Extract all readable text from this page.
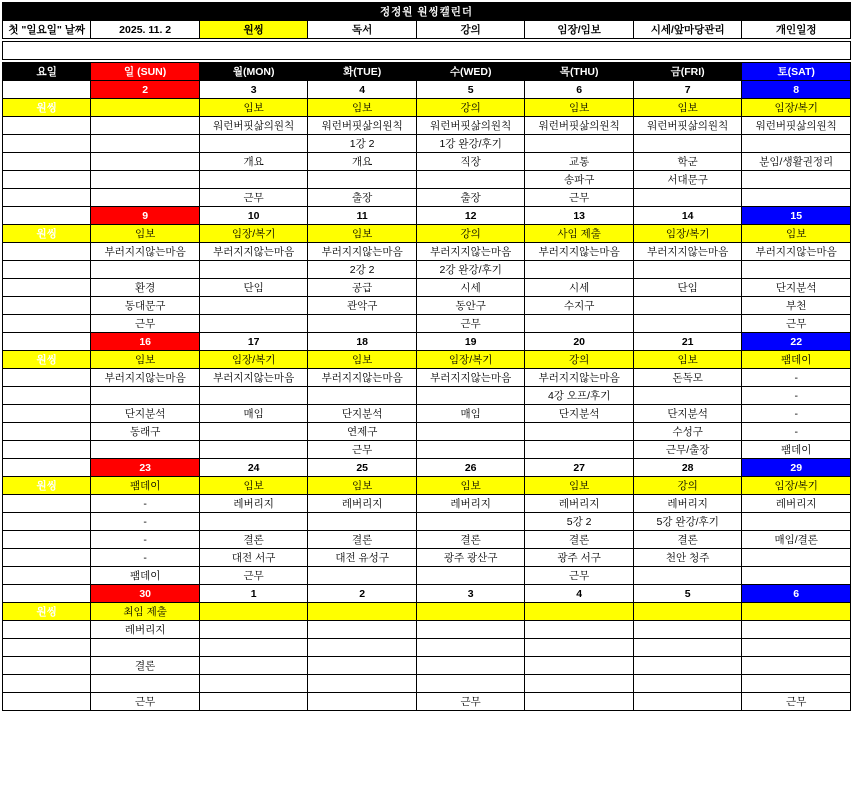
정정원 원씽캘린더
첫 "일요일" 날짜	2025. 11. 2	원씽	독서	강의	임장/임보	시세/앞마당관리	개인일정
요일	일 (SUN)	월(MON)	화(TUE)	수(WED)	목(THU)	금(FRI)	토(SAT)
날짜	2	3	4	5	6	7	8
원씽		임보	임보	강의	임보	임보	임장/복기
독서		워런버핏삶의원칙	워런버핏삶의원칙	워런버핏삶의원칙	워런버핏삶의원칙	워런버핏삶의원칙	워런버핏삶의원칙
강의			1강 2	1강 완강/후기			
임장/임보		개요	개요	직장	교통	학군	분임/생활권정리
시세/앞마당관리					송파구	서대문구	
개인일정		근무	출장	출장	근무		
날짜	9	10	11	12	13	14	15
원씽	임보	임장/복기	임보	강의	사임 제출	임장/복기	임보
독서	부러지지않는마음	부러지지않는마음	부러지지않는마음	부러지지않는마음	부러지지않는마음	부러지지않는마음	부러지지않는마음
강의			2강 2	2강 완강/후기			
임장/임보	환경	단임	공급	시세	시세	단임	단지분석
시세/앞마당관리	동대문구		관악구	동안구	수지구		부천
개인일정	근무			근무			근무
날짜	16	17	18	19	20	21	22
원씽	임보	임장/복기	임보	임장/복기	강의	임보	팸데이
독서	부러지지않는마음	부러지지않는마음	부러지지않는마음	부러지지않는마음	부러지지않는마음	돈독모	-
강의					4강 오프/후기		-
임장/임보	단지분석	매임	단지분석	매임	단지분석	단지분석	-
시세/앞마당관리	동래구		연제구			수성구	-
개인일정			근무			근무/출장	팸데이
날짜	23	24	25	26	27	28	29
원씽	팸데이	임보	임보	임보	임보	강의	임장/복기
독서	-	레버리지	레버리지	레버리지	레버리지	레버리지	레버리지
강의	-				5강 2	5강 완강/후기	
임장/임보	-	결론	결론	결론	결론	결론	매임/결론
시세/앞마당관리	-	대전 서구	대전 유성구	광주 광산구	광주 서구	천안 청주	
개인일정	팸데이	근무			근무		
날짜	30	1	2	3	4	5	6
원씽	최임 제출						
독서	레버리지						
강의							
임장/임보	결론						
시세/앞마당관리							
개인일정	근무			근무			근무
